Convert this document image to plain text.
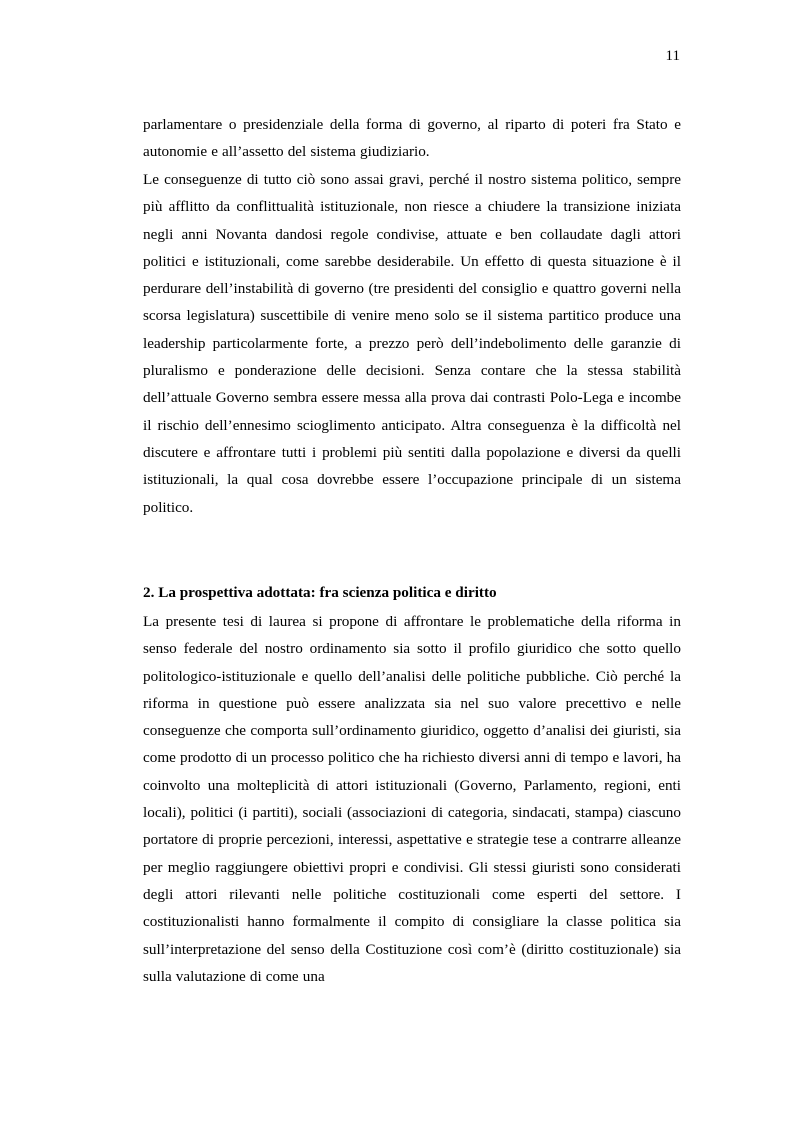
11

parlamentare o presidenziale della forma di governo, al riparto di poteri fra Stato e autonomie e all’assetto del sistema giudiziario.

Le conseguenze di tutto ciò sono assai gravi, perché il nostro sistema politico, sempre più afflitto da conflittualità istituzionale, non riesce a chiudere la transizione iniziata negli anni Novanta dandosi regole condivise, attuate e ben collaudate dagli attori politici e istituzionali, come sarebbe desiderabile. Un effetto di questa situazione è il perdurare dell’instabilità di governo (tre presidenti del consiglio e quattro governi nella scorsa legislatura) suscettibile di venire meno solo se il sistema partitico produce una leadership particolarmente forte, a prezzo però dell’indebolimento delle garanzie di pluralismo e ponderazione delle decisioni. Senza contare che la stessa stabilità dell’attuale Governo sembra essere messa alla prova dai contrasti Polo-Lega e incombe il rischio dell’ennesimo scioglimento anticipato. Altra conseguenza è la difficoltà nel discutere e affrontare tutti i problemi più sentiti dalla popolazione e diversi da quelli istituzionali, la qual cosa dovrebbe essere l’occupazione principale di un sistema politico.

2. La prospettiva adottata: fra scienza politica e diritto

La presente tesi di laurea si propone di affrontare le problematiche della riforma in senso federale del nostro ordinamento sia sotto il profilo giuridico che sotto quello politologico-istituzionale e quello dell’analisi delle politiche pubbliche. Ciò perché la riforma in questione può essere analizzata sia nel suo valore precettivo e nelle conseguenze che comporta sull’ordinamento giuridico, oggetto d’analisi dei giuristi, sia come prodotto di un processo politico che ha richiesto diversi anni di tempo e lavori, ha coinvolto una molteplicità di attori istituzionali (Governo, Parlamento, regioni, enti locali), politici (i partiti), sociali (associazioni di categoria, sindacati, stampa) ciascuno portatore di proprie percezioni, interessi, aspettative e strategie tese a contrarre alleanze per meglio raggiungere obiettivi propri e condivisi. Gli stessi giuristi sono considerati degli attori rilevanti nelle politiche costituzionali come esperti del settore. I costituzionalisti hanno formalmente il compito di consigliare la classe politica sia sull’interpretazione del senso della Costituzione così com’è (diritto costituzionale) sia sulla valutazione di come una
